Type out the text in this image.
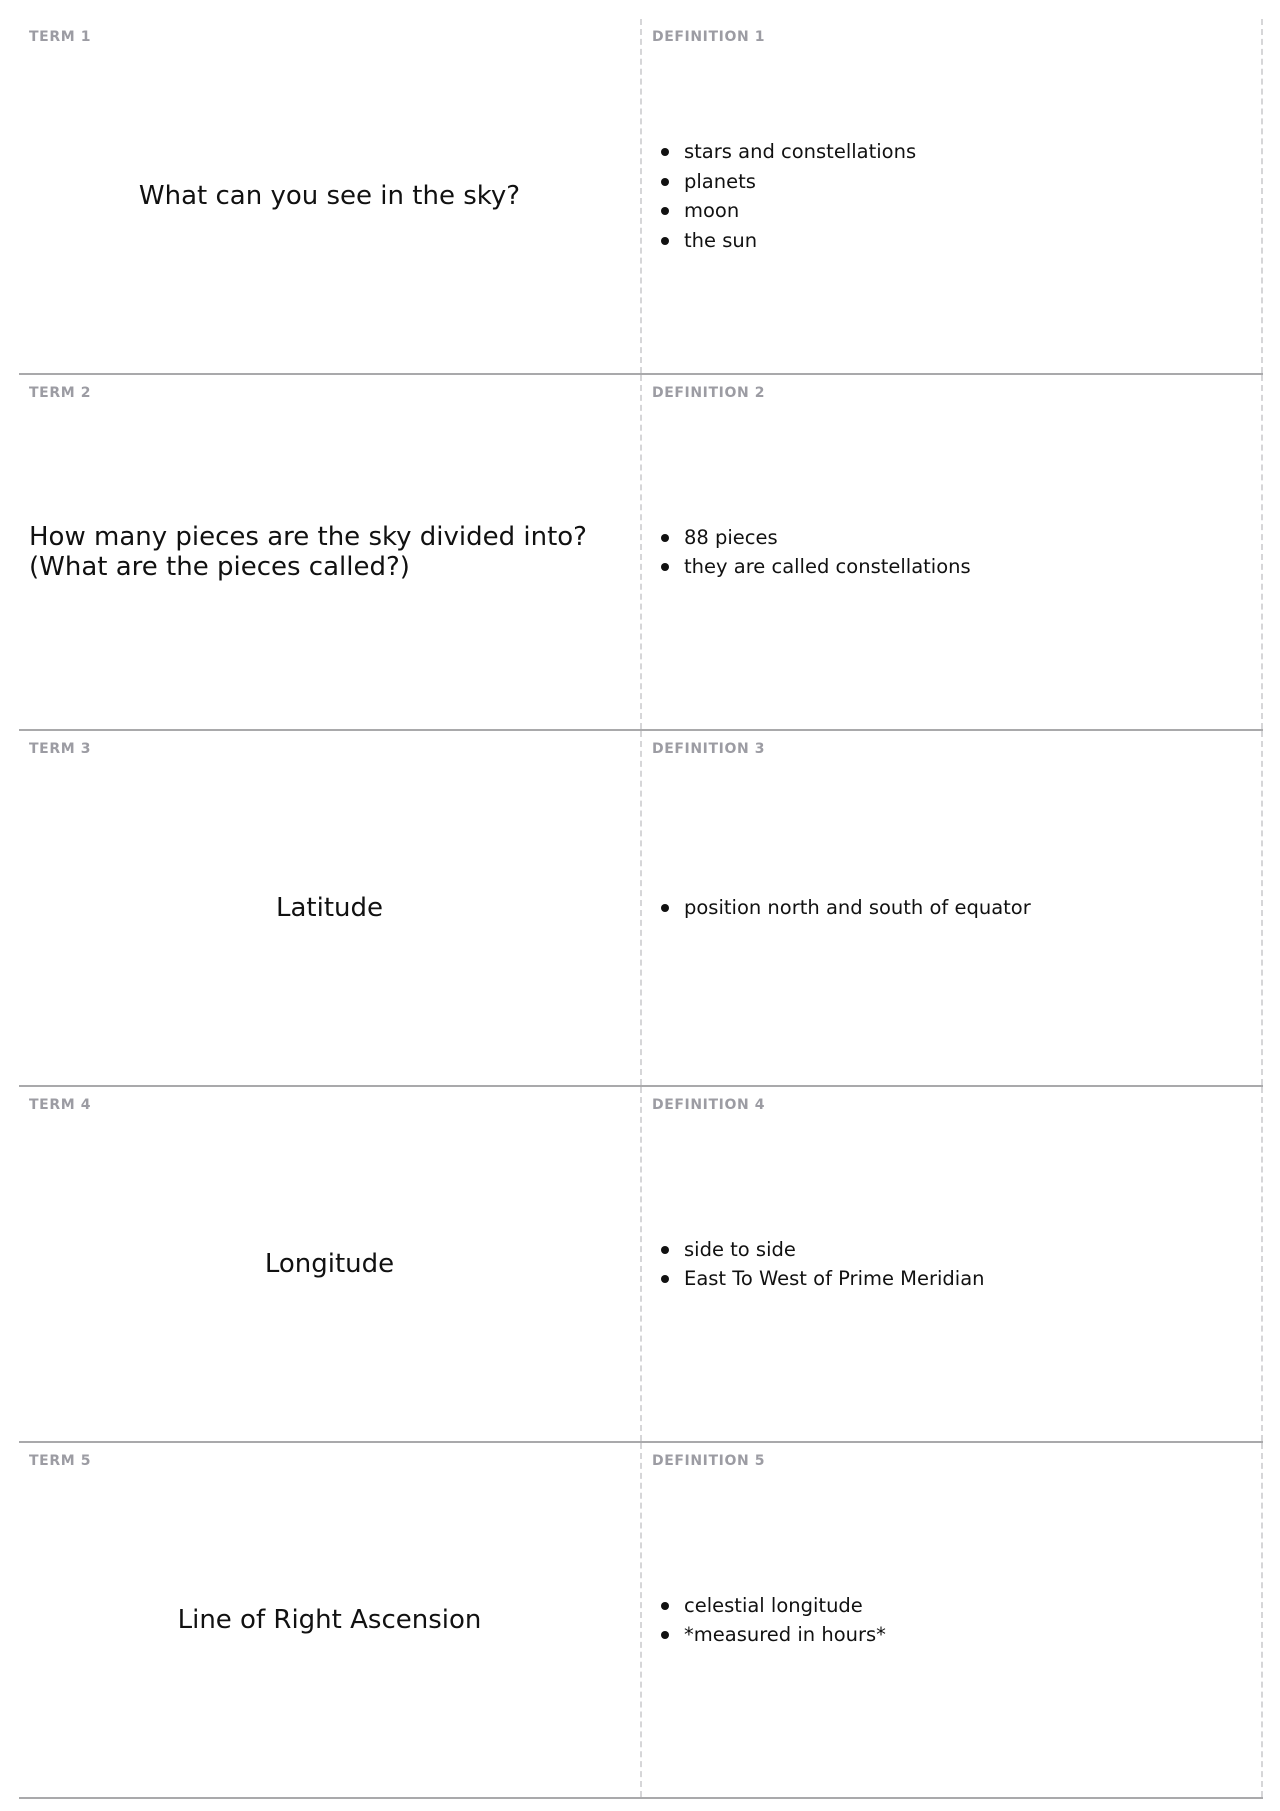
TERM 1
What can you see in the sky?
DEFINITION 1
stars and constellations
planets
moon
the sun
TERM 2
How many pieces are the sky divided into?
(What are the pieces called?)
DEFINITION 2
88 pieces
they are called constellations
TERM 3
Latitude
DEFINITION 3
position north and south of equator
TERM 4
Longitude
DEFINITION 4
side to side
East To West of Prime Meridian
TERM 5
Line of Right Ascension
DEFINITION 5
celestial longitude
*measured in hours*
